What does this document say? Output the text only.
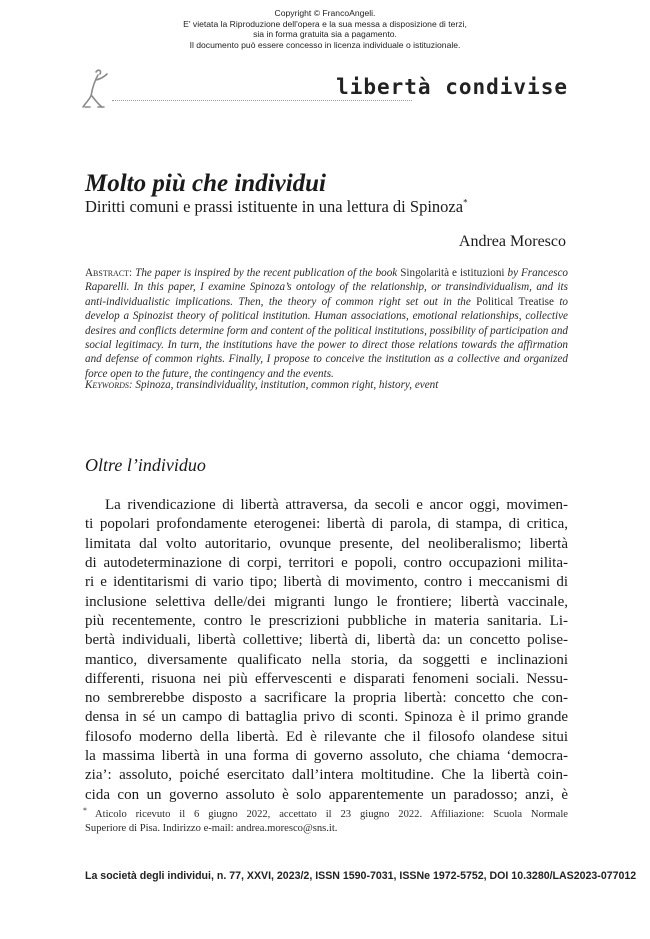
Copyright © FrancoAngeli.
E' vietata la Riproduzione dell'opera e la sua messa a disposizione di terzi,
sia in forma gratuita sia a pagamento.
Il documento può essere concesso in licenza individuale o istituzionale.
libertà condivise
Molto più che individui
Diritti comuni e prassi istituente in una lettura di Spinoza*
Andrea Moresco
Abstract: The paper is inspired by the recent publication of the book Singolarità e istituzioni by Francesco Raparelli. In this paper, I examine Spinoza’s ontology of the relationship, or transindividualism, and its anti-individualistic implications. Then, the theory of common right set out in the Political Treatise to develop a Spinozist theory of political institution. Human associations, emotional relationships, collective desires and conflicts determine form and content of the political institutions, possibility of participation and social legitimacy. In turn, the institutions have the power to direct those relations towards the affirmation and defense of common rights. Finally, I propose to conceive the institution as a collective and organized force open to the future, the contingency and the events.
Keywords: Spinoza, transindividuality, institution, common right, history, event
Oltre l’individuo
La rivendicazione di libertà attraversa, da secoli e ancor oggi, movimen-
ti popolari profondamente eterogenei: libertà di parola, di stampa, di critica,
limitata dal volto autoritario, ovunque presente, del neoliberalismo; libertà
di autodeterminazione di corpi, territori e popoli, contro occupazioni milita-
ri e identitarismi di vario tipo; libertà di movimento, contro i meccanismi di
inclusione selettiva delle/dei migranti lungo le frontiere; libertà vaccinale,
più recentemente, contro le prescrizioni pubbliche in materia sanitaria. Li-
bertà individuali, libertà collettive; libertà di, libertà da: un concetto polise-
mantico, diversamente qualificato nella storia, da soggetti e inclinazioni
differenti, risuona nei più effervescenti e disparati fenomeni sociali. Nessu-
no sembrerebbe disposto a sacrificare la propria libertà: concetto che con-
densa in sé un campo di battaglia privo di sconti. Spinoza è il primo grande
filosofo moderno della libertà. Ed è rilevante che il filosofo olandese situi
la massima libertà in una forma di governo assoluto, che chiama ‘democra-
zia’: assoluto, poiché esercitato dall’intera moltitudine. Che la libertà coin-
cida con un governo assoluto è solo apparentemente un paradosso; anzi, è
* Aticolo ricevuto il 6 giugno 2022, accettato il 23 giugno 2022. Affiliazione: Scuola Normale
Superiore di Pisa. Indirizzo e-mail: andrea.moresco@sns.it.
La società degli individui, n. 77, XXVI, 2023/2, ISSN 1590-7031, ISSNe 1972-5752, DOI 10.3280/LAS2023-077012
